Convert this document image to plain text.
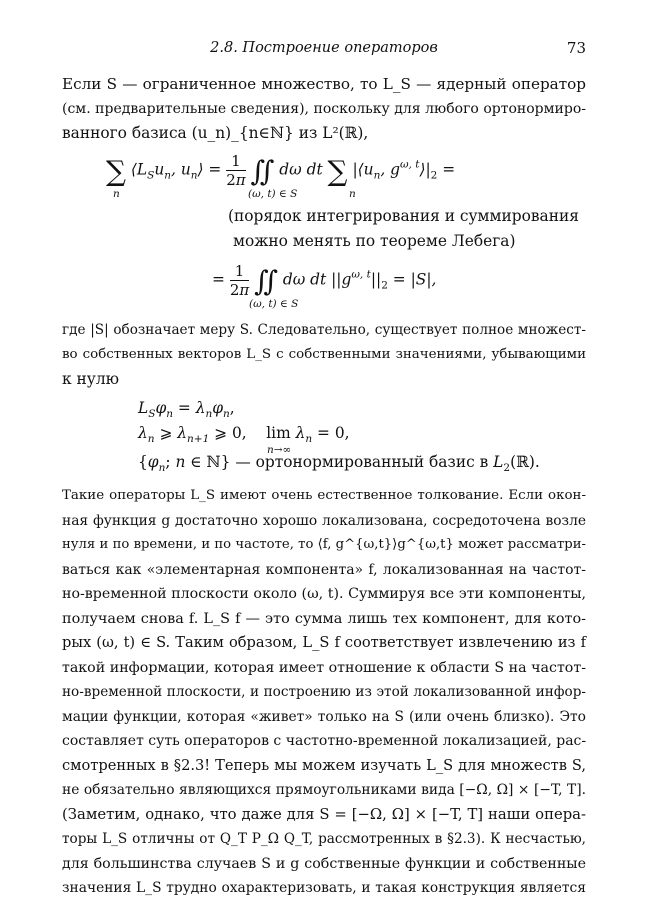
2.8. Построение операторов	73
Если S — ограниченное множество, то L_S — ядерный оператор
(см. предварительные сведения), поскольку для любого ортонормиро-
ванного базиса (u_n)_{n∈ℕ} из L²(ℝ),
∑ $⟨L_Su_n$, $u_n⟩ = \frac{1}{2\pi}$ ∬ dω dt ∑ $|⟨u_n$, $g^{\omega, t}⟩|_2$ =
n	(ω, t) ∈ S	n
(порядок интегрирования и суммирования
можно менять по теореме Лебега)
= $\frac{1}{2\pi}$ ∬ dω dt $||g^{\omega, t}||_2 = |S|$,
(ω, t) ∈ S
где |S| обозначает меру S. Следовательно, существует полное множест-
во собственных векторов L_S с собственными значениями, убывающими
к нулю
$L_S\varphi_n = \lambda_n\varphi_n$,
$\lambda_n$ ⩾ $\lambda_{n+1}$ ⩾ 0, $\lim \lambda_n = 0$,
n→∞
{$\varphi_n$; n ∈ ℕ} — ортонормированный базис в $L_2(ℝ)$.
Такие операторы L_S имеют очень естественное толкование. Если окон-
ная функция g достаточно хорошо локализована, сосредоточена возле
нуля и по времени, и по частоте, то ⟨f, g^{ω,t}⟩g^{ω,t} может рассматри-
ваться как «элементарная компонента» f, локализованная на частот-
но-временной плоскости около (ω, t). Суммируя все эти компоненты,
получаем снова f. L_S f — это сумма лишь тех компонент, для кото-
рых (ω, t) ∈ S. Таким образом, L_S f соответствует извлечению из f
такой информации, которая имеет отношение к области S на частот-
но-временной плоскости, и построению из этой локализованной инфор-
мации функции, которая «живет» только на S (или очень близко). Это
составляет суть операторов с частотно-временной локализацией, рас-
смотренных в §2.3! Теперь мы можем изучать L_S для множеств S,
не обязательно являющихся прямоугольниками вида [−Ω, Ω] × [−T, T].
(Заметим, однако, что даже для S = [−Ω, Ω] × [−T, T] наши опера-
торы L_S отличны от Q_T P_Ω Q_T, рассмотренных в §2.3). К несчастью,
для большинства случаев S и g собственные функции и собственные
значения L_S трудно охарактеризовать, и такая конструкция является
